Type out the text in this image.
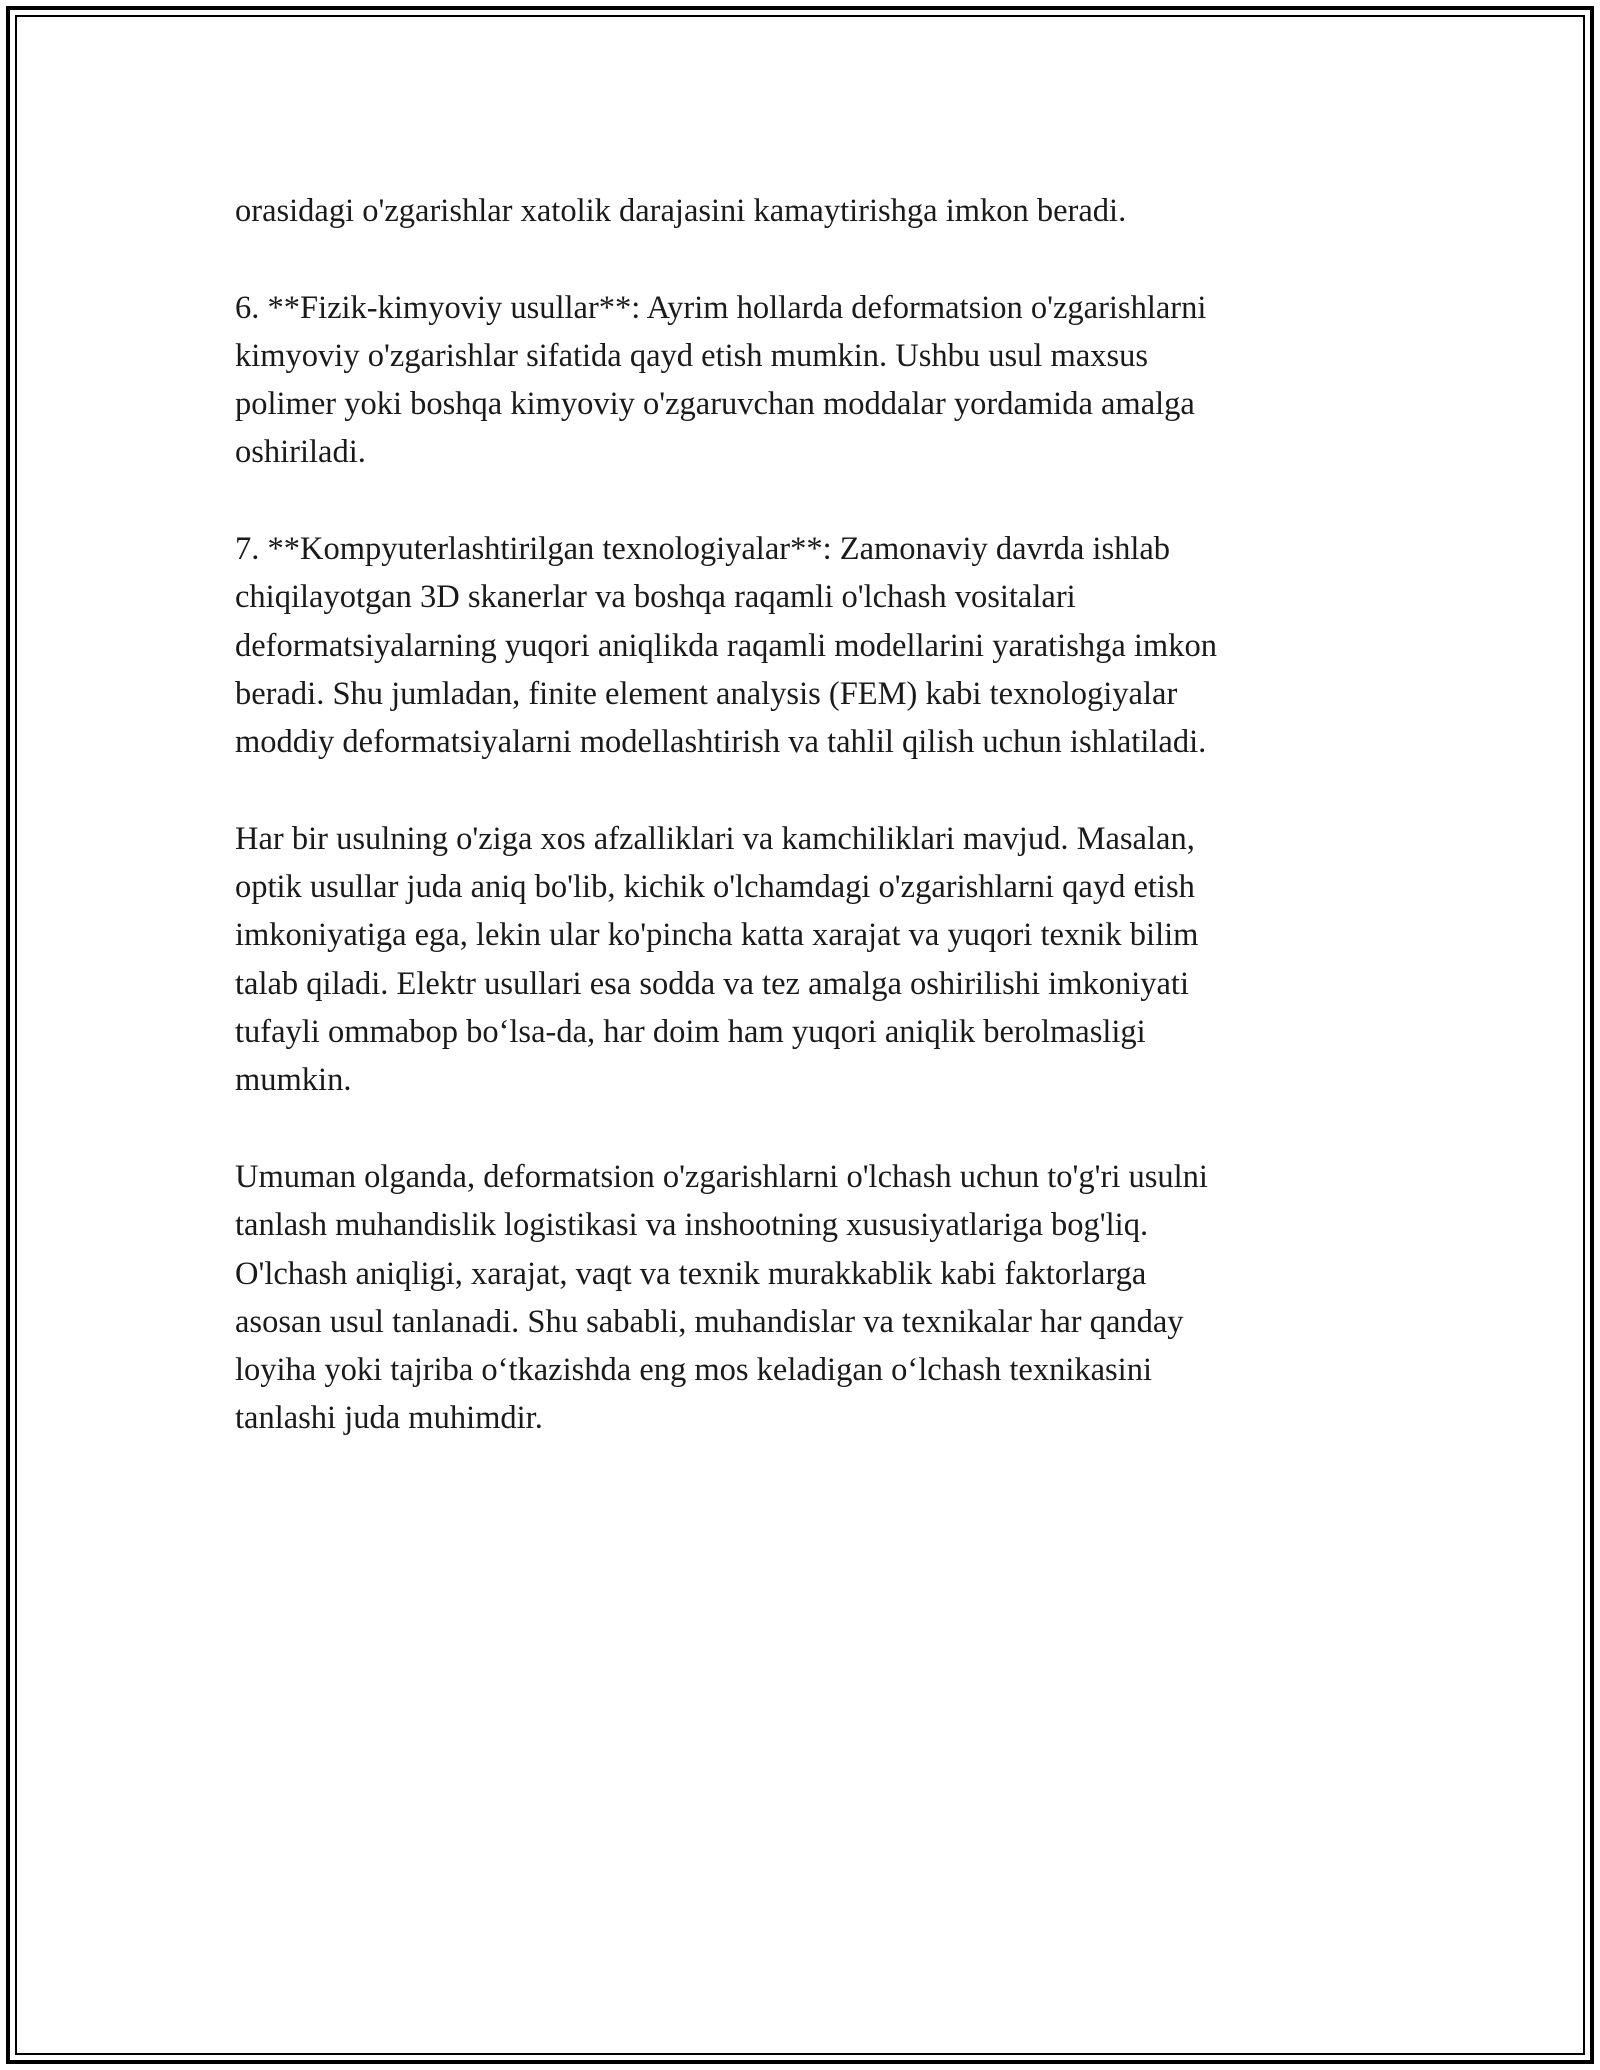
orasidagi o'zgarishlar xatolik darajasini kamaytirishga imkon beradi.

6. **Fizik-kimyoviy usullar**: Ayrim hollarda deformatsion o'zgarishlarni
kimyoviy o'zgarishlar sifatida qayd etish mumkin. Ushbu usul maxsus
polimer yoki boshqa kimyoviy o'zgaruvchan moddalar yordamida amalga
oshiriladi.

7. **Kompyuterlashtirilgan texnologiyalar**: Zamonaviy davrda ishlab
chiqilayotgan 3D skanerlar va boshqa raqamli o'lchash vositalari
deformatsiyalarning yuqori aniqlikda raqamli modellarini yaratishga imkon
beradi. Shu jumladan, finite element analysis (FEM) kabi texnologiyalar
moddiy deformatsiyalarni modellashtirish va tahlil qilish uchun ishlatiladi.

Har bir usulning o'ziga xos afzalliklari va kamchiliklari mavjud. Masalan,
optik usullar juda aniq bo'lib, kichik o'lchamdagi o'zgarishlarni qayd etish
imkoniyatiga ega, lekin ular ko'pincha katta xarajat va yuqori texnik bilim
talab qiladi. Elektr usullari esa sodda va tez amalga oshirilishi imkoniyati
tufayli ommabop bo‘lsa-da, har doim ham yuqori aniqlik berolmasligi
mumkin.

Umuman olganda, deformatsion o'zgarishlarni o'lchash uchun to'g'ri usulni
tanlash muhandislik logistikasi va inshootning xususiyatlariga bog'liq.
O'lchash aniqligi, xarajat, vaqt va texnik murakkablik kabi faktorlarga
asosan usul tanlanadi. Shu sababli, muhandislar va texnikalar har qanday
loyiha yoki tajriba o‘tkazishda eng mos keladigan o‘lchash texnikasini
tanlashi juda muhimdir.
